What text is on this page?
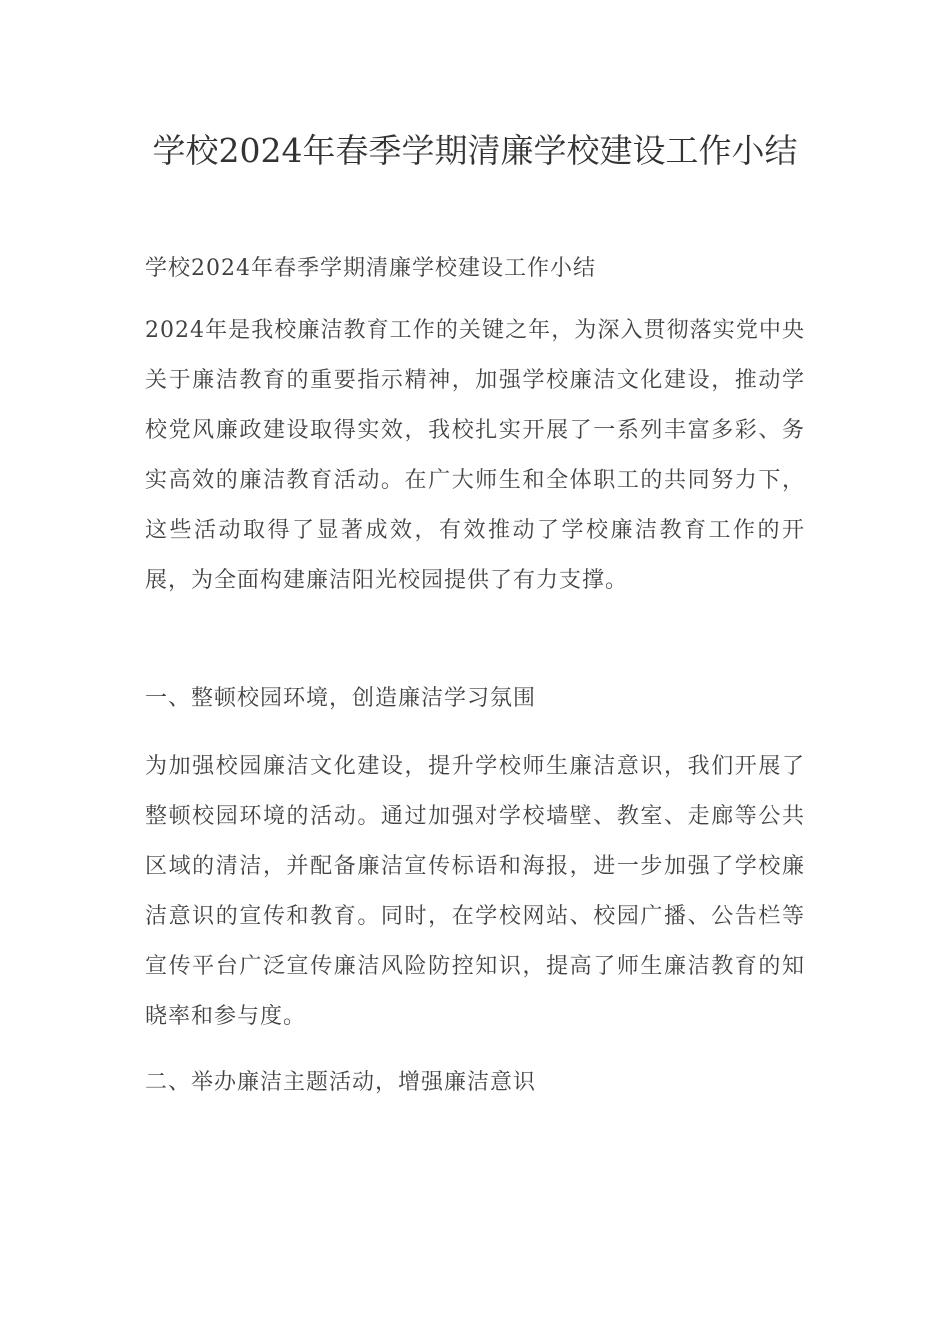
学校2024年春季学期清廉学校建设工作小结

学校2024年春季学期清廉学校建设工作小结

2024年是我校廉洁教育工作的关键之年，为深入贯彻落实党中央关于廉洁教育的重要指示精神，加强学校廉洁文化建设，推动学校党风廉政建设取得实效，我校扎实开展了一系列丰富多彩、务实高效的廉洁教育活动。在广大师生和全体职工的共同努力下，这些活动取得了显著成效，有效推动了学校廉洁教育工作的开展，为全面构建廉洁阳光校园提供了有力支撑。

一、整顿校园环境，创造廉洁学习氛围

为加强校园廉洁文化建设，提升学校师生廉洁意识，我们开展了整顿校园环境的活动。通过加强对学校墙壁、教室、走廊等公共区域的清洁，并配备廉洁宣传标语和海报，进一步加强了学校廉洁意识的宣传和教育。同时，在学校网站、校园广播、公告栏等宣传平台广泛宣传廉洁风险防控知识，提高了师生廉洁教育的知晓率和参与度。

二、举办廉洁主题活动，增强廉洁意识
